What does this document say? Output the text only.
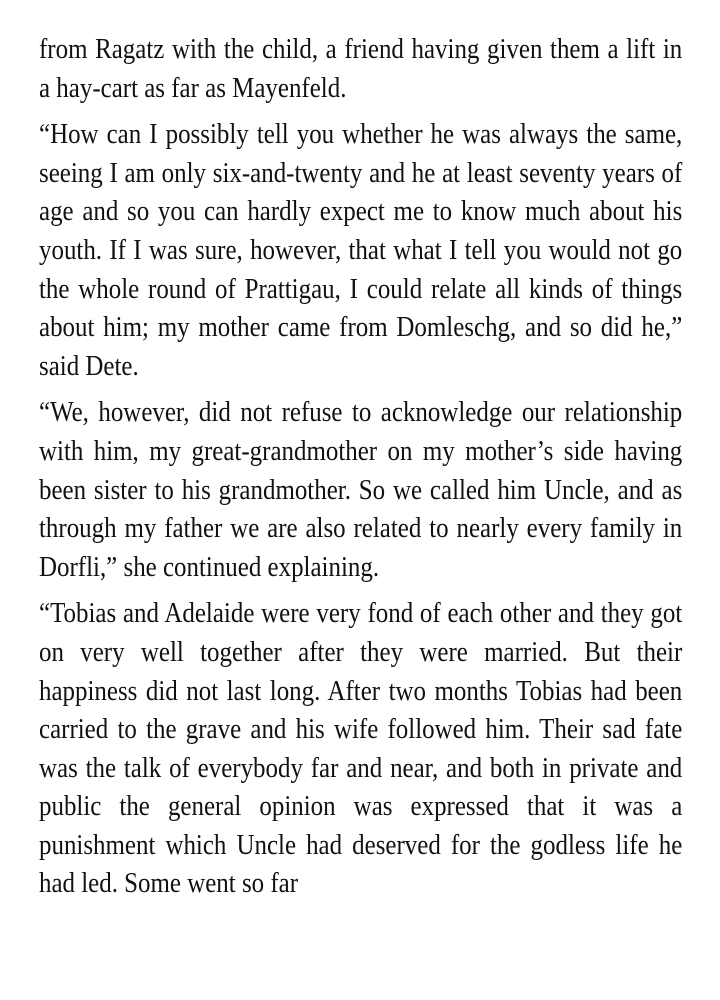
from Ragatz with the child, a friend having given them a lift in a hay-cart as far as Mayenfeld.

“How can I possibly tell you whether he was always the same, seeing I am only six-and-twenty and he at least seventy years of age and so you can hardly expect me to know much about his youth. If I was sure, however, that what I tell you would not go the whole round of Prattigau, I could relate all kinds of things about him; my mother came from Domleschg, and so did he,” said Dete.

“We, however, did not refuse to acknowledge our relationship with him, my great-grandmother on my mother’s side having been sister to his grandmother. So we called him Uncle, and as through my father we are also related to nearly every family in Dorfli,” she continued explaining.

“Tobias and Adelaide were very fond of each other and they got on very well together after they were married. But their happiness did not last long. After two months Tobias had been carried to the grave and his wife followed him. Their sad fate was the talk of everybody far and near, and both in private and public the general opinion was expressed that it was a punishment which Uncle had deserved for the godless life he had led. Some went so far
